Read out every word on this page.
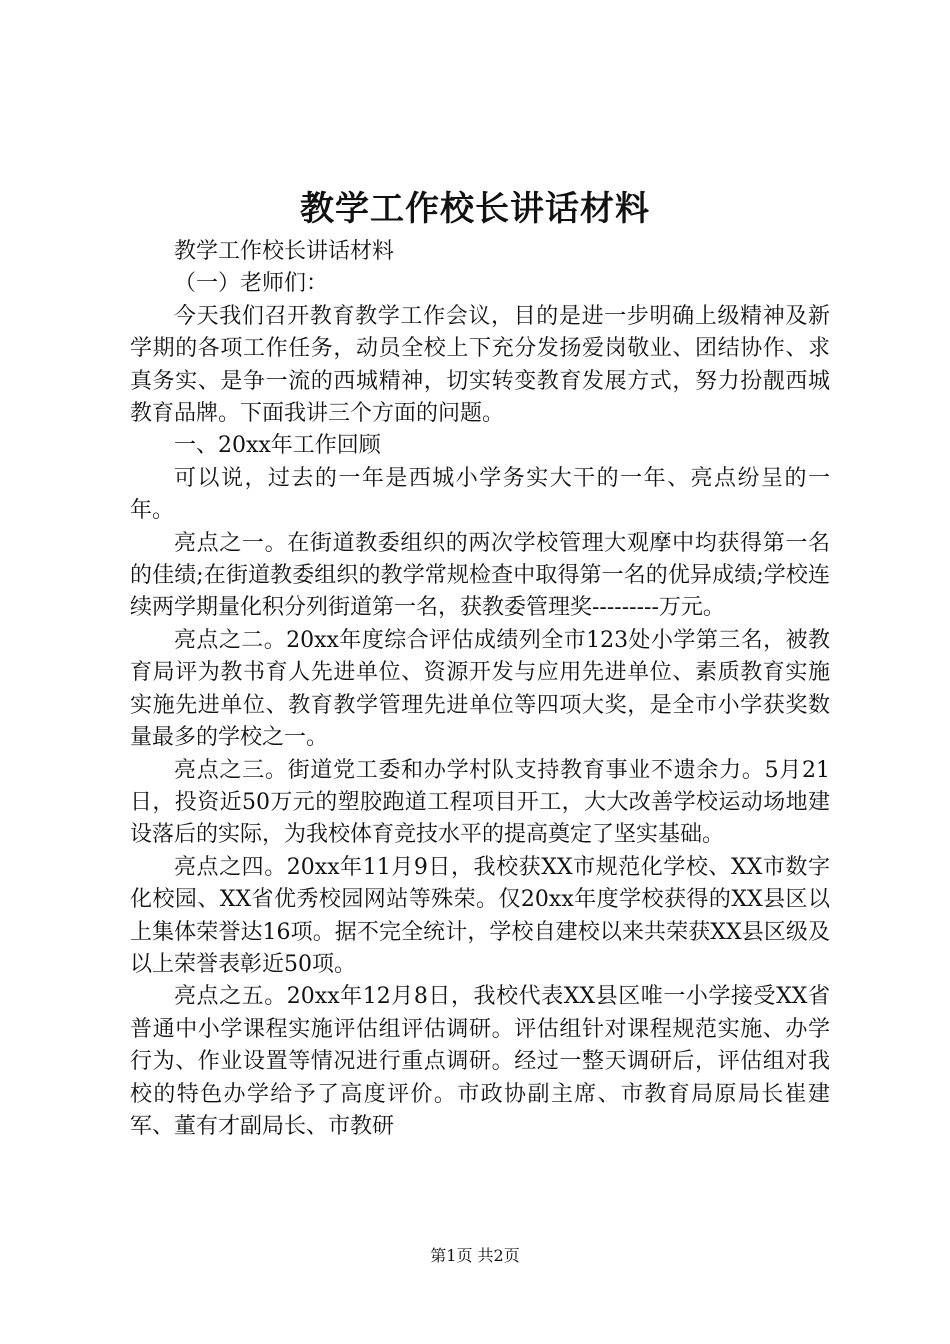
教学工作校长讲话材料

教学工作校长讲话材料

（一）老师们：

今天我们召开教育教学工作会议，目的是进一步明确上级精神及新学期的各项工作任务，动员全校上下充分发扬爱岗敬业、团结协作、求真务实、是争一流的西城精神，切实转变教育发展方式，努力扮靓西城教育品牌。下面我讲三个方面的问题。

一、20xx年工作回顾

可以说，过去的一年是西城小学务实大干的一年、亮点纷呈的一年。

亮点之一。在街道教委组织的两次学校管理大观摩中均获得第一名的佳绩;在街道教委组织的教学常规检查中取得第一名的优异成绩;学校连续两学期量化积分列街道第一名，获教委管理奖---------万元。

亮点之二。20xx年度综合评估成绩列全市123处小学第三名，被教育局评为教书育人先进单位、资源开发与应用先进单位、素质教育实施实施先进单位、教育教学管理先进单位等四项大奖，是全市小学获奖数量最多的学校之一。

亮点之三。街道党工委和办学村队支持教育事业不遗余力。5月21日，投资近50万元的塑胶跑道工程项目开工，大大改善学校运动场地建设落后的实际，为我校体育竞技水平的提高奠定了坚实基础。

亮点之四。20xx年11月9日，我校获XX市规范化学校、XX市数字化校园、XX省优秀校园网站等殊荣。仅20xx年度学校获得的XX县区以上集体荣誉达16项。据不完全统计，学校自建校以来共荣获XX县区级及以上荣誉表彰近50项。

亮点之五。20xx年12月8日，我校代表XX县区唯一小学接受XX省普通中小学课程实施评估组评估调研。评估组针对课程规范实施、办学行为、作业设置等情况进行重点调研。经过一整天调研后，评估组对我校的特色办学给予了高度评价。市政协副主席、市教育局原局长崔建军、董有才副局长、市教研

第1页 共2页
